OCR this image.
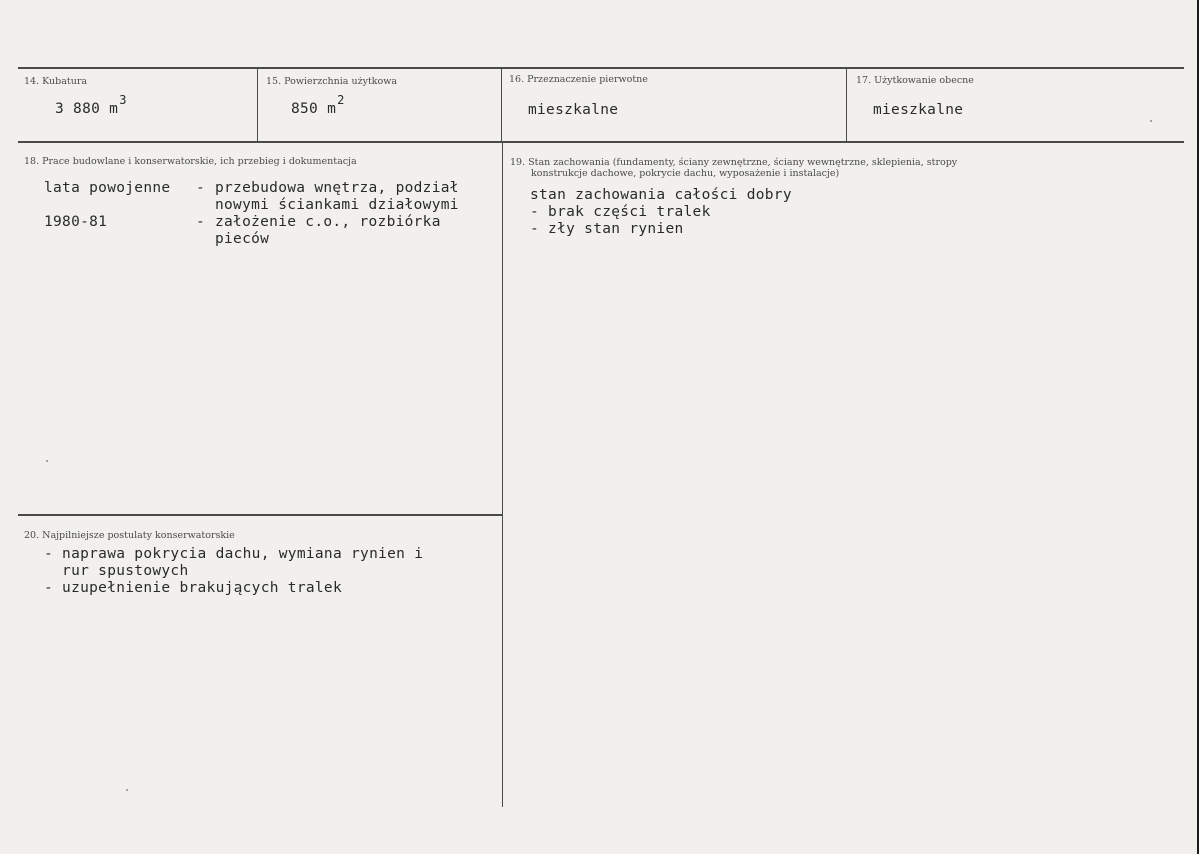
14. Kubatura
3 880 $m^3$
15. Powierzchnia użytkowa
850 $m^2$
16. Przeznaczenie pierwotne
mieszkalne
17. Użytkowanie obecne
mieszkalne
18. Prace budowlane i konserwatorskie, ich przebieg i dokumentacja
lata powojenne - przebudowa wnętrza, podział
nowymi ściankami działowymi
1980-81	- założenie c.o., rozbiórka
pieców
19. Stan zachowania (fundamenty, ściany zewnętrzne, ściany wewnętrzne, sklepienia, stropy
konstrukcje dachowe, pokrycie dachu, wyposażenie i instalacje)
stan zachowania całości dobry
- brak części tralek
- zły stan rynien
20. Najpilniejsze postulaty konserwatorskie
- naprawa pokrycia dachu, wymiana rynien i
rur spustowych
- uzupełnienie brakujących tralek
